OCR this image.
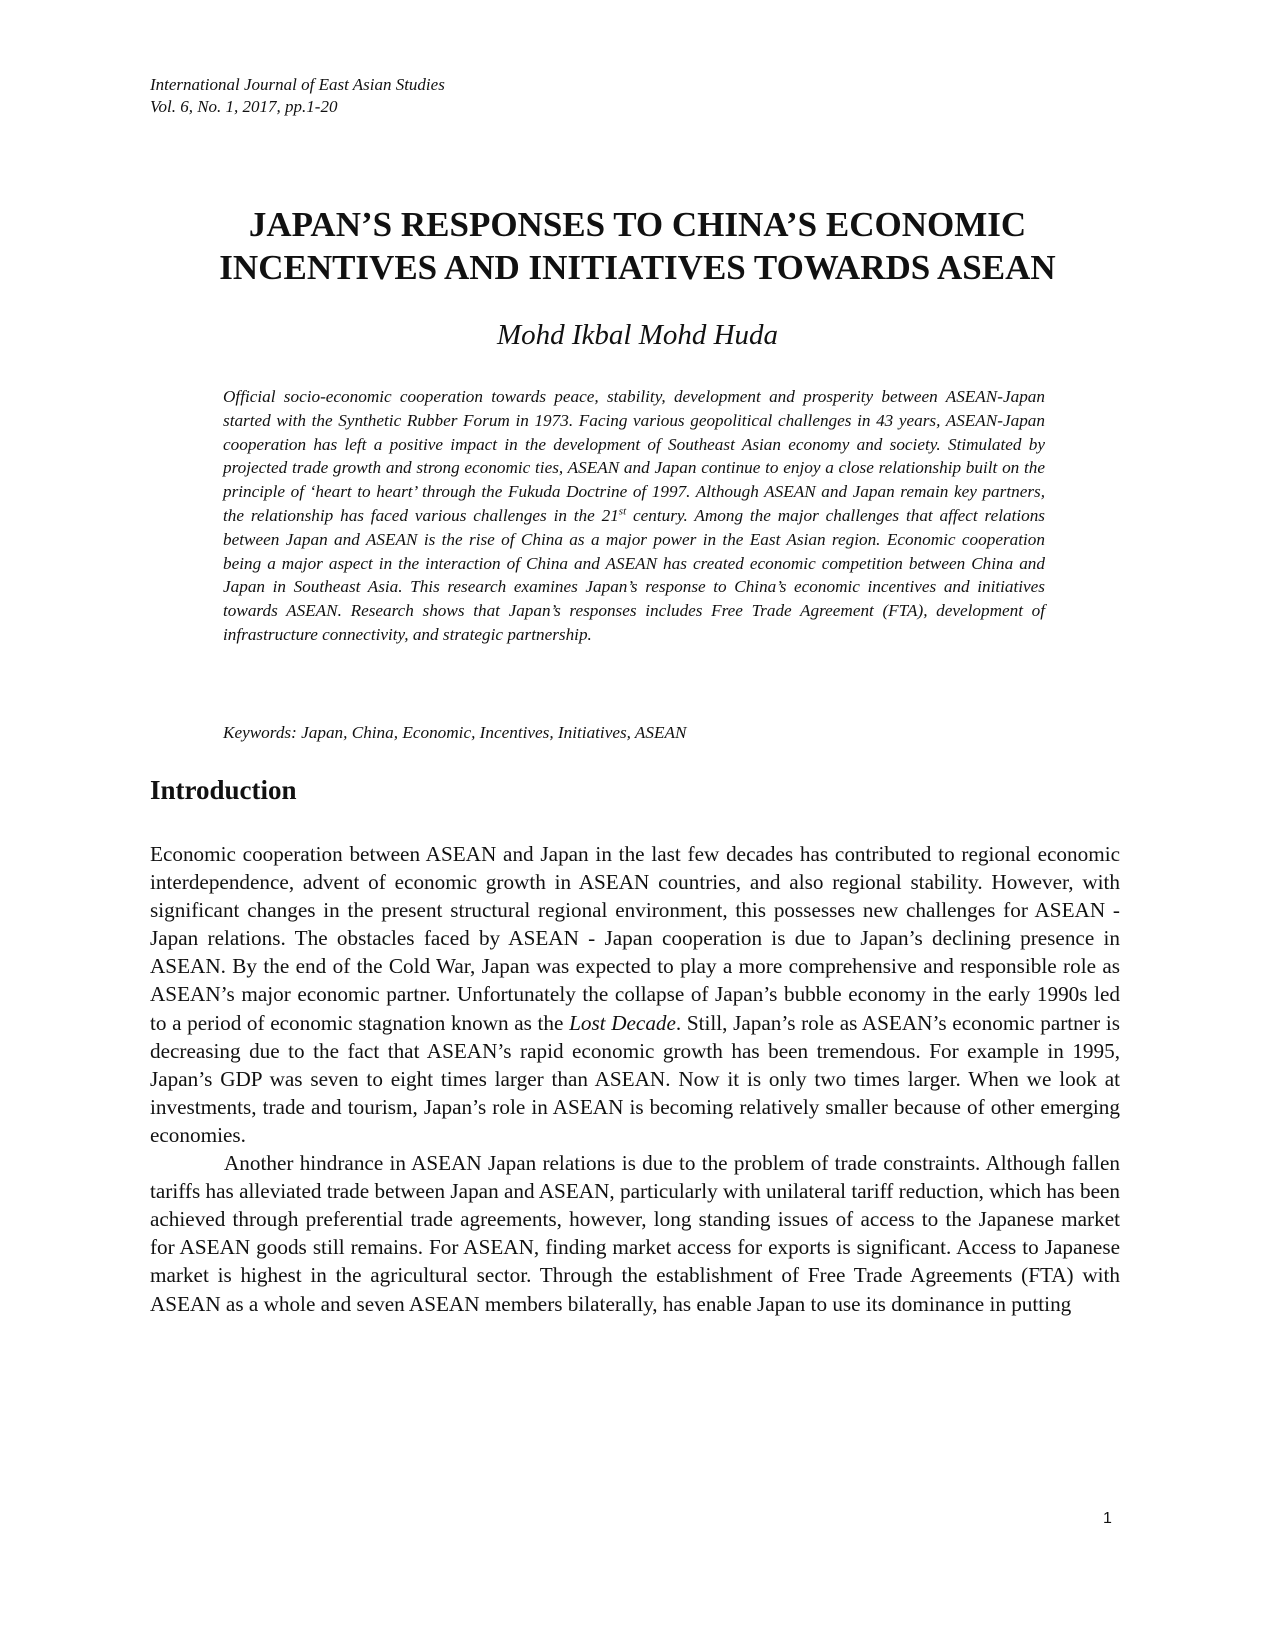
International Journal of East Asian Studies
Vol. 6, No. 1, 2017, pp.1-20
JAPAN’S RESPONSES TO CHINA’S ECONOMIC
INCENTIVES AND INITIATIVES TOWARDS ASEAN
Mohd Ikbal Mohd Huda

Official socio-economic cooperation towards peace, stability, development and prosperity between ASEAN-Japan started with the Synthetic Rubber Forum in 1973. Facing various geopolitical challenges in 43 years, ASEAN-Japan cooperation has left a positive impact in the development of Southeast Asian economy and society. Stimulated by projected trade growth and strong economic ties, ASEAN and Japan continue to enjoy a close relationship built on the principle of ‘heart to heart’ through the Fukuda Doctrine of 1997. Although ASEAN and Japan remain key partners, the relationship has faced various challenges in the 21st century. Among the major challenges that affect relations between Japan and ASEAN is the rise of China as a major power in the East Asian region. Economic cooperation being a major aspect in the interaction of China and ASEAN has created economic competition between China and Japan in Southeast Asia. This research examines Japan’s response to China’s economic incentives and initiatives towards ASEAN. Research shows that Japan’s responses includes Free Trade Agreement (FTA), development of infrastructure connectivity, and strategic partnership.

Keywords: Japan, China, Economic, Incentives, Initiatives, ASEAN
Introduction

Economic cooperation between ASEAN and Japan in the last few decades has contributed to regional economic interdependence, advent of economic growth in ASEAN countries, and also regional stability. However, with significant changes in the present structural regional environment, this possesses new challenges for ASEAN - Japan relations. The obstacles faced by ASEAN - Japan cooperation is due to Japan’s declining presence in ASEAN. By the end of the Cold War, Japan was expected to play a more comprehensive and responsible role as ASEAN’s major economic partner. Unfortunately the collapse of Japan’s bubble economy in the early 1990s led to a period of economic stagnation known as the Lost Decade. Still, Japan’s role as ASEAN’s economic partner is decreasing due to the fact that ASEAN’s rapid economic growth has been tremendous. For example in 1995, Japan’s GDP was seven to eight times larger than ASEAN. Now it is only two times larger. When we look at investments, trade and tourism, Japan’s role in ASEAN is becoming relatively smaller because of other emerging economies.

Another hindrance in ASEAN Japan relations is due to the problem of trade constraints. Although fallen tariffs has alleviated trade between Japan and ASEAN, particularly with unilateral tariff reduction, which has been achieved through preferential trade agreements, however, long standing issues of access to the Japanese market for ASEAN goods still remains. For ASEAN, finding market access for exports is significant. Access to Japanese market is highest in the agricultural sector. Through the establishment of Free Trade Agreements (FTA) with ASEAN as a whole and seven ASEAN members bilaterally, has enable Japan to use its dominance in putting

1
